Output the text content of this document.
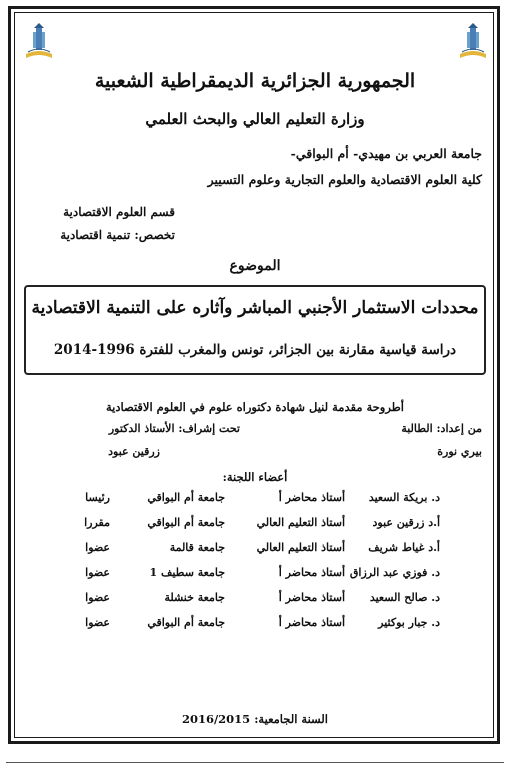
الجمهورية الجزائرية الديمقراطية الشعبية
وزارة التعليم العالي والبحث العلمي
جامعة العربي بن مهيدي- أم البواقي-
كلية العلوم الاقتصادية والعلوم التجارية وعلوم التسيير
قسم العلوم الاقتصادية
تخصص: تنمية اقتصادية
الموضوع
محددات الاستثمار الأجنبي المباشر وآثاره على التنمية الاقتصادية
دراسة قياسية مقارنة بين الجزائر، تونس والمغرب للفترة 1996-2014
أطروحة مقدمة لنيل شهادة دكتوراه علوم في العلوم الاقتصادية
من إعداد: الطالبة
تحت إشراف: الأستاذ الدكتور
بيري نورة
زرقين عبود
أعضاء اللجنة:
د. بريكة السعيد
أستاذ محاضر أ
جامعة أم البواقي
رئيسا
أ.د زرقين عبود
أستاذ التعليم العالي
جامعة أم البواقي
مقررا
أ.د غياط شريف
أستاذ التعليم العالي
جامعة قالمة
عضوا
د. فوزي عبد الرزاق
أستاذ محاضر أ
جامعة سطيف 1
عضوا
د. صالح السعيد
أستاذ محاضر أ
جامعة خنشلة
عضوا
د. جبار بوكثير
أستاذ محاضر أ
جامعة أم البواقي
عضوا
السنة الجامعية: 2016/2015
